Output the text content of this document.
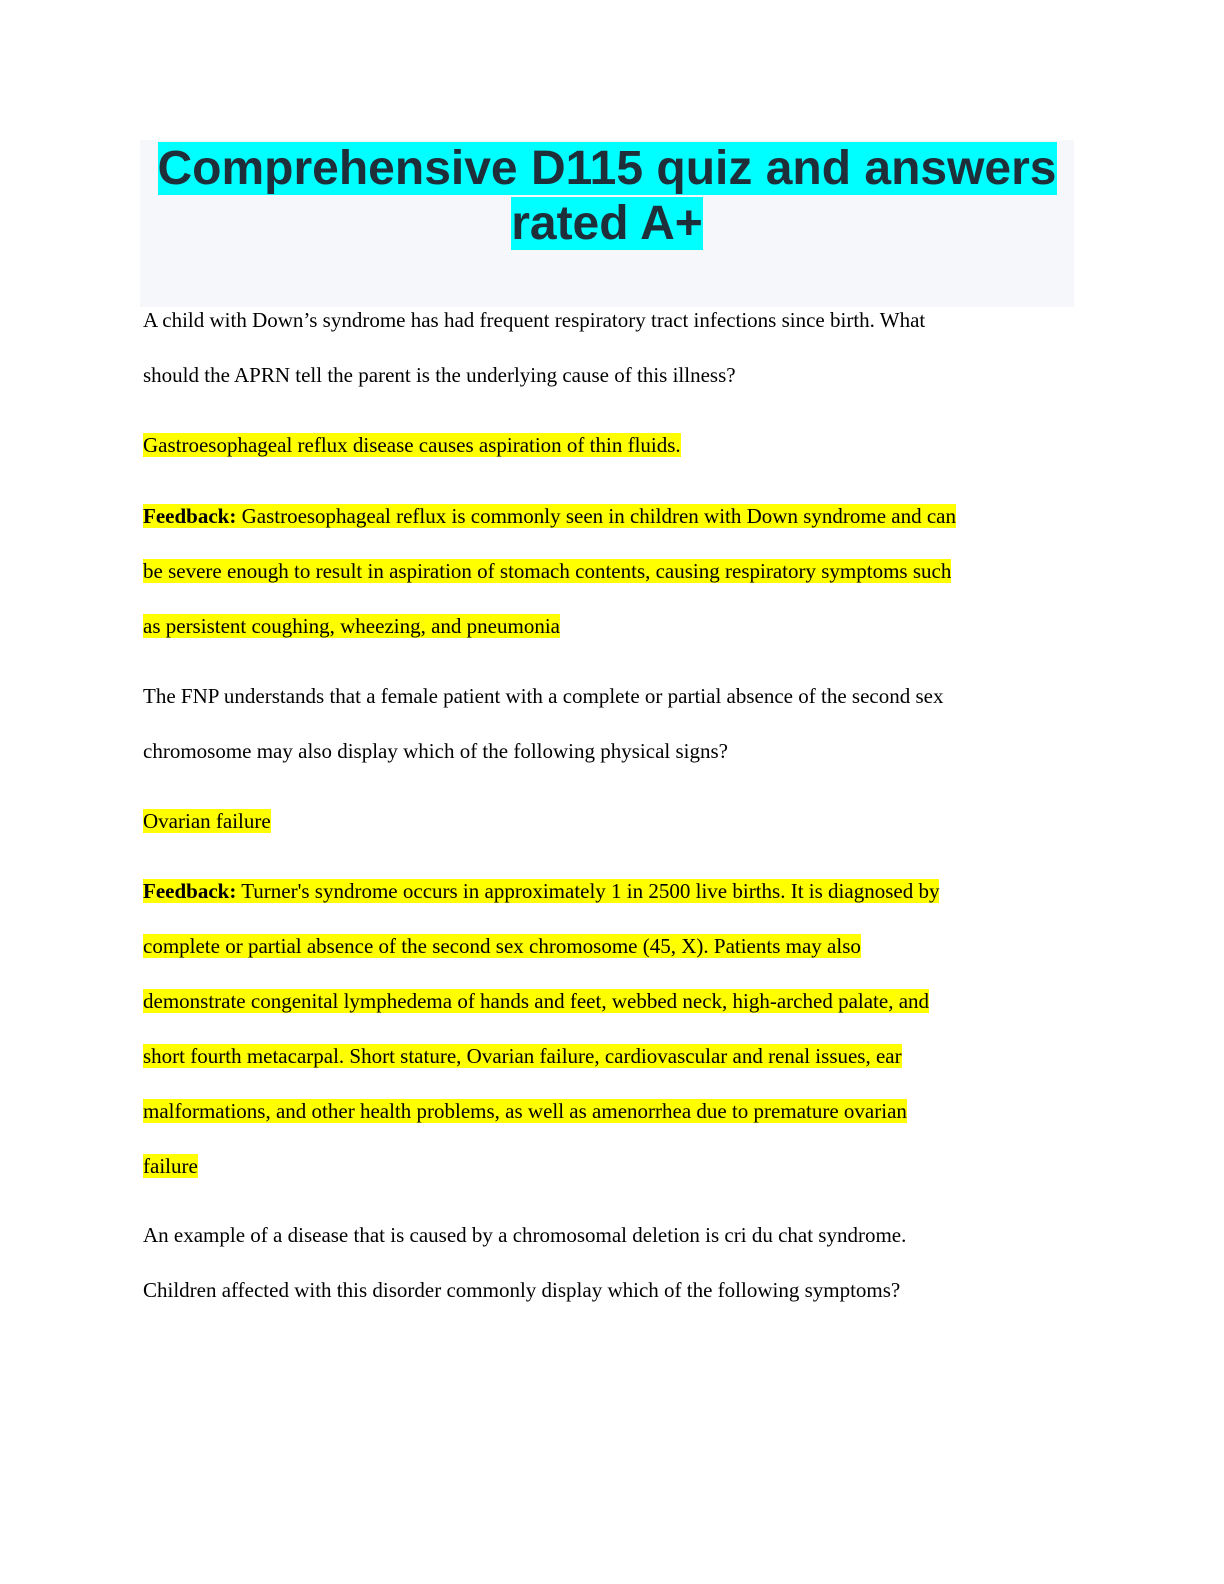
Comprehensive D115 quiz and answers
rated A+

A child with Down’s syndrome has had frequent respiratory tract infections since birth. What
should the APRN tell the parent is the underlying cause of this illness?

Gastroesophageal reflux disease causes aspiration of thin fluids.

Feedback: Gastroesophageal reflux is commonly seen in children with Down syndrome and can
be severe enough to result in aspiration of stomach contents, causing respiratory symptoms such
as persistent coughing, wheezing, and pneumonia

The FNP understands that a female patient with a complete or partial absence of the second sex
chromosome may also display which of the following physical signs?

Ovarian failure

Feedback: Turner's syndrome occurs in approximately 1 in 2500 live births. It is diagnosed by
complete or partial absence of the second sex chromosome (45, X). Patients may also
demonstrate congenital lymphedema of hands and feet, webbed neck, high-arched palate, and
short fourth metacarpal. Short stature, Ovarian failure, cardiovascular and renal issues, ear
malformations, and other health problems, as well as amenorrhea due to premature ovarian
failure

An example of a disease that is caused by a chromosomal deletion is cri du chat syndrome.
Children affected with this disorder commonly display which of the following symptoms?
